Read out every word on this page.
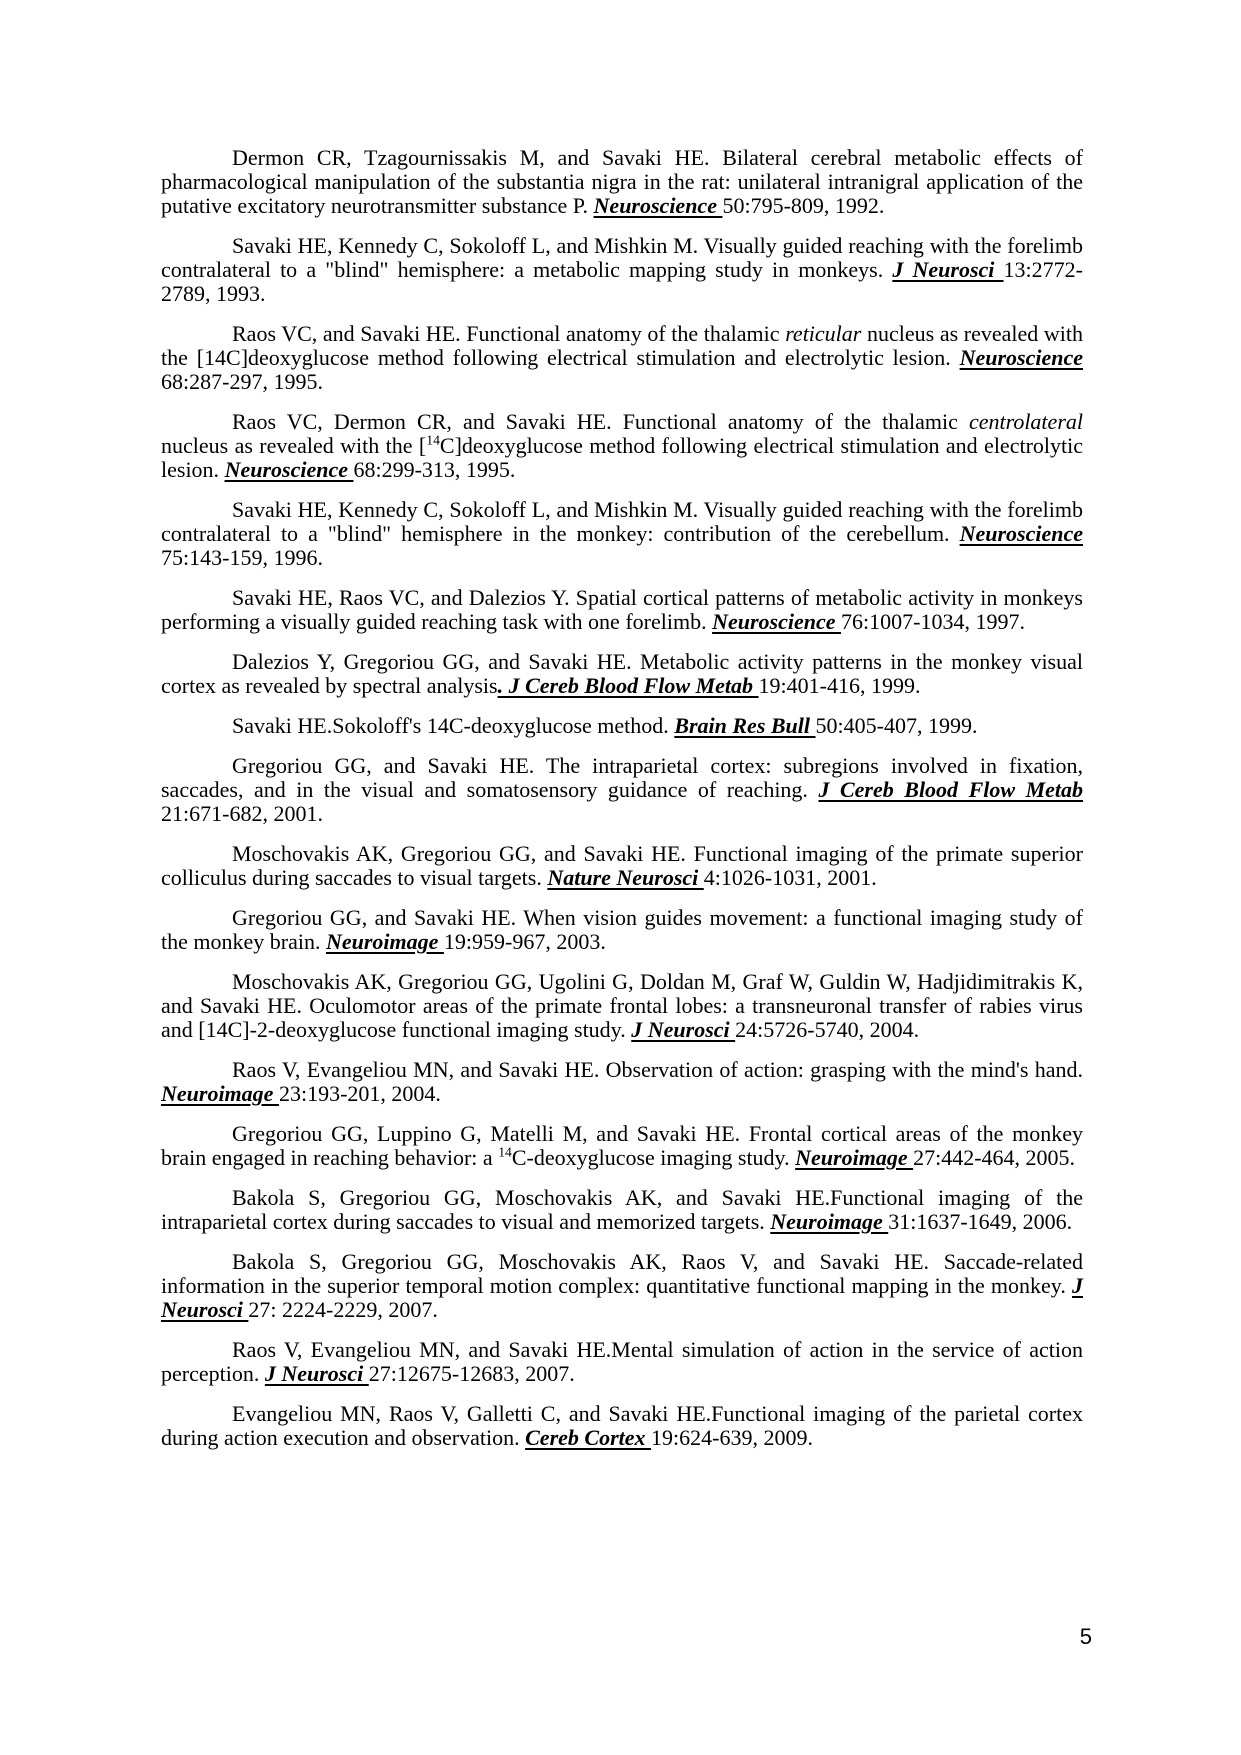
Dermon CR, Tzagournissakis M, and Savaki HE. Bilateral cerebral metabolic effects of pharmacological manipulation of the substantia nigra in the rat: unilateral intranigral application of the putative excitatory neurotransmitter substance P. Neuroscience 50:795-809, 1992.

Savaki HE, Kennedy C, Sokoloff L, and Mishkin M. Visually guided reaching with the forelimb contralateral to a "blind" hemisphere: a metabolic mapping study in monkeys. J Neurosci 13:2772-2789, 1993.

Raos VC, and Savaki HE. Functional anatomy of the thalamic reticular nucleus as revealed with the [14C]deoxyglucose method following electrical stimulation and electrolytic lesion. Neuroscience 68:287-297, 1995.

Raos VC, Dermon CR, and Savaki HE. Functional anatomy of the thalamic centrolateral nucleus as revealed with the [$^{14}$C]deoxyglucose method following electrical stimulation and electrolytic lesion. Neuroscience 68:299-313, 1995.

Savaki HE, Kennedy C, Sokoloff L, and Mishkin M. Visually guided reaching with the forelimb contralateral to a "blind" hemisphere in the monkey: contribution of the cerebellum. Neuroscience 75:143-159, 1996.

Savaki HE, Raos VC, and Dalezios Y. Spatial cortical patterns of metabolic activity in monkeys performing a visually guided reaching task with one forelimb. Neuroscience 76:1007-1034, 1997.

Dalezios Y, Gregoriou GG, and Savaki HE. Metabolic activity patterns in the monkey visual cortex as revealed by spectral analysis. J Cereb Blood Flow Metab 19:401-416, 1999.

Savaki HE.Sokoloff's 14C-deoxyglucose method. Brain Res Bull 50:405-407, 1999.

Gregoriou GG, and Savaki HE. The intraparietal cortex: subregions involved in fixation, saccades, and in the visual and somatosensory guidance of reaching. J Cereb Blood Flow Metab 21:671-682, 2001.

Moschovakis AK, Gregoriou GG, and Savaki HE. Functional imaging of the primate superior colliculus during saccades to visual targets. Nature Neurosci 4:1026-1031, 2001.

Gregoriou GG, and Savaki HE. When vision guides movement: a functional imaging study of the monkey brain. Neuroimage 19:959-967, 2003.

Moschovakis AK, Gregoriou GG, Ugolini G, Doldan M, Graf W, Guldin W, Hadjidimitrakis K, and Savaki HE. Oculomotor areas of the primate frontal lobes: a transneuronal transfer of rabies virus and [14C]-2-deoxyglucose functional imaging study. J Neurosci 24:5726-5740, 2004.

Raos V, Evangeliou MN, and Savaki HE. Observation of action: grasping with the mind's hand. Neuroimage 23:193-201, 2004.

Gregoriou GG, Luppino G, Matelli M, and Savaki HE. Frontal cortical areas of the monkey brain engaged in reaching behavior: a $^{14}$C-deoxyglucose imaging study. Neuroimage 27:442-464, 2005.

Bakola S, Gregoriou GG, Moschovakis AK, and Savaki HE.Functional imaging of the intraparietal cortex during saccades to visual and memorized targets. Neuroimage 31:1637-1649, 2006.

Bakola S, Gregoriou GG, Moschovakis AK, Raos V, and Savaki HE. Saccade-related information in the superior temporal motion complex: quantitative functional mapping in the monkey. J Neurosci 27: 2224-2229, 2007.

Raos V, Evangeliou MN, and Savaki HE.Mental simulation of action in the service of action perception. J Neurosci 27:12675-12683, 2007.

Evangeliou MN, Raos V, Galletti C, and Savaki HE.Functional imaging of the parietal cortex during action execution and observation. Cereb Cortex 19:624-639, 2009.

5
